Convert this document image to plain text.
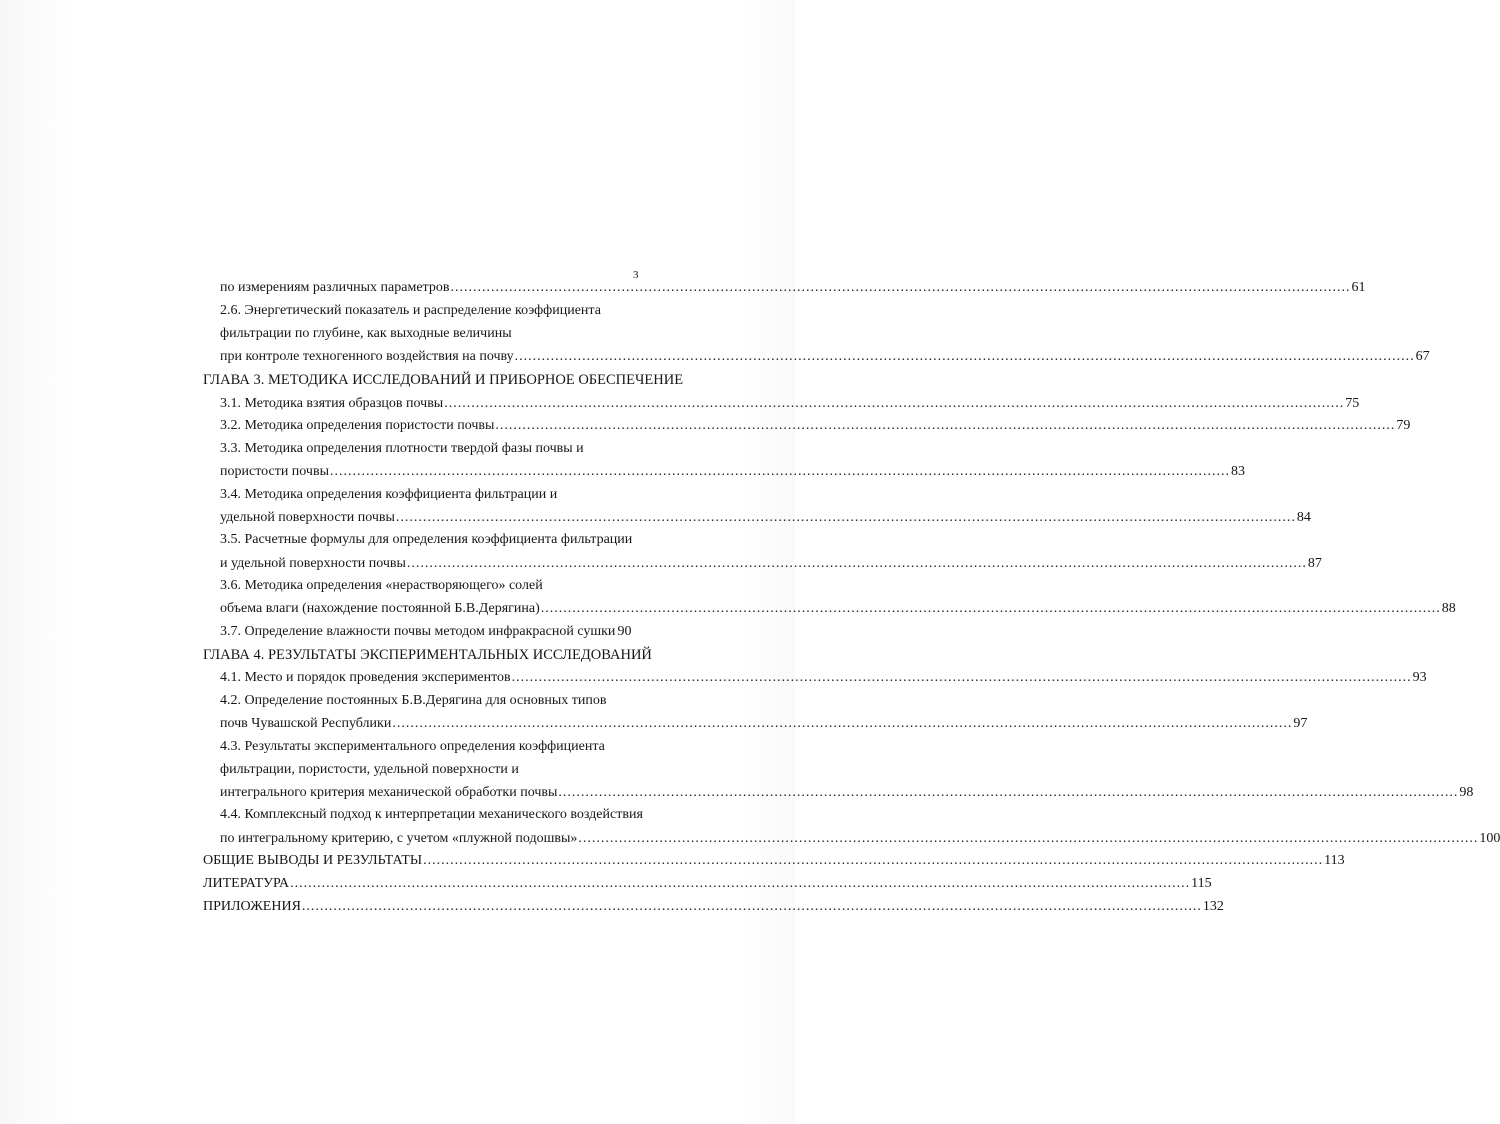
3
по измерениям различных параметров ........................................................................................................................................................................................................ 61
2.6. Энергетический показатель и распределение коэффициента
фильтрации по глубине, как выходные величины
при контроле техногенного воздействия на почву ........................................................................................................................................................................................................ 67
ГЛАВА 3. МЕТОДИКА ИССЛЕДОВАНИЙ И ПРИБОРНОЕ ОБЕСПЕЧЕНИЕ
3.1. Методика взятия образцов почвы ........................................................................................................................................................................................................ 75
3.2. Методика определения пористости почвы ........................................................................................................................................................................................................ 79
3.3. Методика определения плотности твердой фазы почвы и
пористости почвы ........................................................................................................................................................................................................ 83
3.4. Методика определения коэффициента фильтрации и
удельной поверхности почвы ........................................................................................................................................................................................................ 84
3.5. Расчетные формулы для определения коэффициента фильтрации
и удельной поверхности почвы ........................................................................................................................................................................................................ 87
3.6. Методика определения «нерастворяющего» солей
объема влаги (нахождение постоянной Б.В.Дерягина) ........................................................................................................................................................................................................ 88
3.7. Определение влажности почвы методом инфракрасной сушки 90
ГЛАВА 4. РЕЗУЛЬТАТЫ ЭКСПЕРИМЕНТАЛЬНЫХ ИССЛЕДОВАНИЙ
4.1. Место и порядок проведения экспериментов ........................................................................................................................................................................................................ 93
4.2. Определение постоянных Б.В.Дерягина для основных типов
почв Чувашской Республики ........................................................................................................................................................................................................ 97
4.3. Результаты экспериментального определения коэффициента
фильтрации, пористости, удельной поверхности и
интегрального критерия механической обработки почвы ........................................................................................................................................................................................................ 98
4.4. Комплексный подход к интерпретации механического воздействия
по интегральному критерию, с учетом «плужной подошвы» ........................................................................................................................................................................................................ 100
ОБЩИЕ ВЫВОДЫ И РЕЗУЛЬТАТЫ ........................................................................................................................................................................................................ 113
ЛИТЕРАТУРА ........................................................................................................................................................................................................ 115
ПРИЛОЖЕНИЯ ........................................................................................................................................................................................................ 132
